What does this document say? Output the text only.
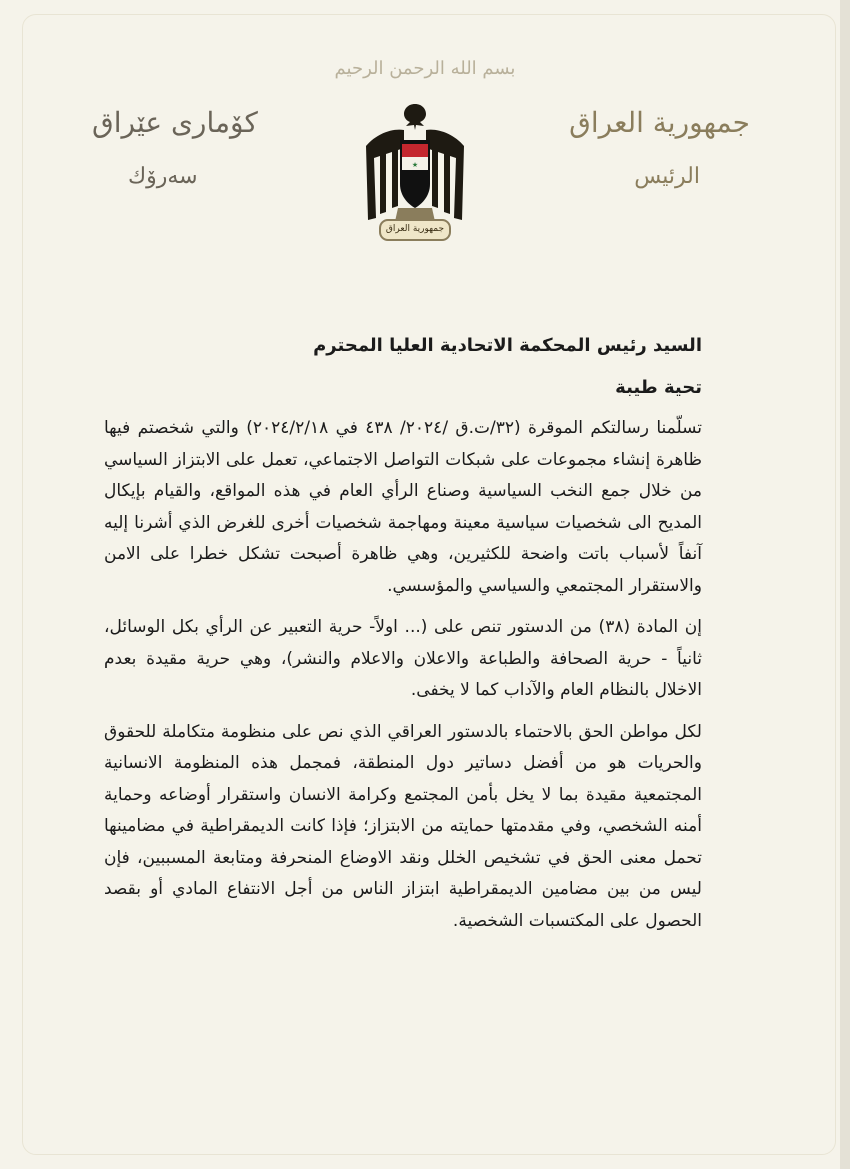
بسم الله الرحمن الرحيم
جمهورية العراق
الرئيس
كۆماری عێراق
سەرۆك	★
جمهورية العراق

السيد رئيس المحكمة الاتحادية العليا المحترم

تحية طيبة

تسلّمنا رسالتكم الموقرة (٣٢/ت.ق /٢٠٢٤/ ٤٣٨ في ٢٠٢٤/٢/١٨) والتي شخصتم فيها ظاهرة إنشاء مجموعات على شبكات التواصل الاجتماعي، تعمل على الابتزاز السياسي من خلال جمع النخب السياسية وصناع الرأي العام في هذه المواقع، والقيام بإيكال المديح الى شخصيات سياسية معينة ومهاجمة شخصيات أخرى للغرض الذي أشرنا إليه آنفاً لأسباب باتت واضحة للكثيرين، وهي ظاهرة أصبحت تشكل خطرا على الامن والاستقرار المجتمعي والسياسي والمؤسسي.

إن المادة (٣٨) من الدستور تنص على (... اولاً- حرية التعبير عن الرأي بكل الوسائل، ثانياً - حرية الصحافة والطباعة والاعلان والاعلام والنشر)، وهي حرية مقيدة بعدم الاخلال بالنظام العام والآداب كما لا يخفى.

لكل مواطن الحق بالاحتماء بالدستور العراقي الذي نص على منظومة متكاملة للحقوق والحريات هو من أفضل دساتير دول المنطقة، فمجمل هذه المنظومة الانسانية المجتمعية مقيدة بما لا يخل بأمن المجتمع وكرامة الانسان واستقرار أوضاعه وحماية أمنه الشخصي، وفي مقدمتها حمايته من الابتزاز؛ فإذا كانت الديمقراطية في مضامينها تحمل معنى الحق في تشخيص الخلل ونقد الاوضاع المنحرفة ومتابعة المسببين، فإن ليس من بين مضامين الديمقراطية ابتزاز الناس من أجل الانتفاع المادي أو بقصد الحصول على المكتسبات الشخصية.
